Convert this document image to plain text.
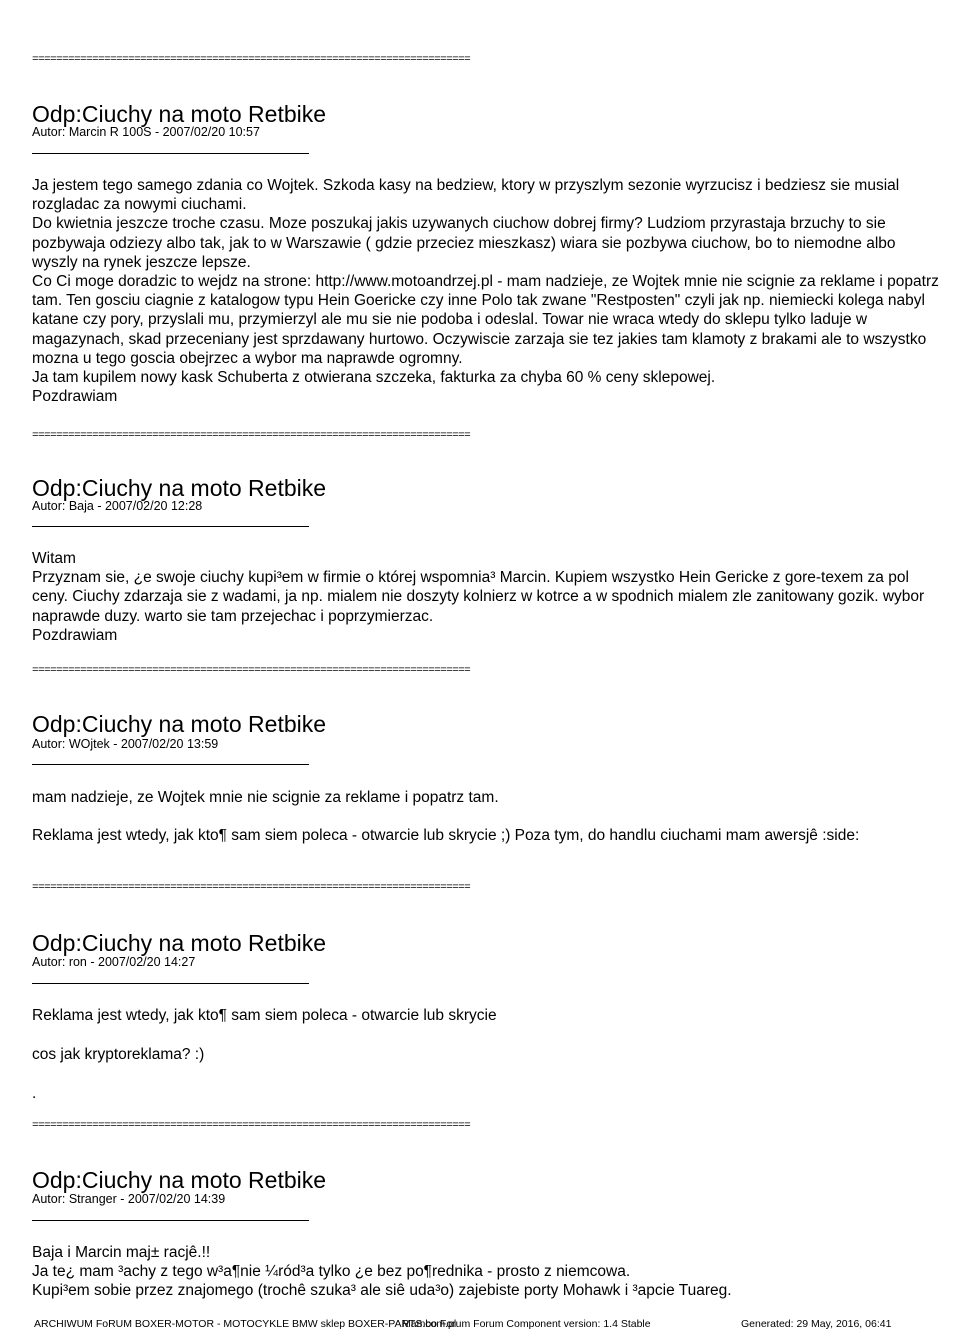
=========================================================================
Odp:Ciuchy na moto Retbike
Autor: Marcin R 100S - 2007/02/20 10:57

Ja jestem tego samego zdania co Wojtek. Szkoda kasy na bedziew, ktory w przyszlym sezonie wyrzucisz i bedziesz sie musial rozgladac za nowymi ciuchami.

Do kwietnia jeszcze troche czasu. Moze poszukaj jakis uzywanych ciuchow dobrej firmy? Ludziom przyrastaja brzuchy to sie pozbywaja odziezy albo tak, jak to w Warszawie ( gdzie przeciez mieszkasz) wiara sie pozbywa ciuchow, bo to niemodne albo wyszly na rynek jeszcze lepsze.

Co Ci moge doradzic to wejdz na strone: http://www.motoandrzej.pl - mam nadzieje, ze Wojtek mnie nie scignie za reklame i popatrz tam. Ten gosciu ciagnie z katalogow typu Hein Goericke czy inne Polo tak zwane "Restposten" czyli jak np. niemiecki kolega nabyl katane czy pory, przyslali mu, przymierzyl ale mu sie nie podoba i odeslal. Towar nie wraca wtedy do sklepu tylko laduje w magazynach, skad przeceniany jest sprzdawany hurtowo. Oczywiscie zarzaja sie tez jakies tam klamoty z brakami ale to wszystko mozna u tego goscia obejrzec a wybor ma naprawde ogromny.

Ja tam kupilem nowy kask Schuberta z otwierana szczeka, fakturka za chyba 60 % ceny sklepowej.

Pozdrawiam

=========================================================================
Odp:Ciuchy na moto Retbike
Autor: Baja - 2007/02/20 12:28

Witam

Przyznam sie, ¿e swoje ciuchy kupi³em w firmie o której wspomnia³ Marcin. Kupiem wszystko Hein Gericke z gore-texem za pol ceny. Ciuchy zdarzaja sie z wadami, ja np. mialem nie doszyty kolnierz w kotrce a w spodnich mialem zle zanitowany gozik. wybor naprawde duzy. warto sie tam przejechac i poprzymierzac.

Pozdrawiam

=========================================================================
Odp:Ciuchy na moto Retbike
Autor: WOjtek - 2007/02/20 13:59

mam nadzieje, ze Wojtek mnie nie scignie za reklame i popatrz tam.

Reklama jest wtedy, jak kto¶ sam siem poleca - otwarcie lub skrycie ;) Poza tym, do handlu ciuchami mam awersjê :side:

=========================================================================
Odp:Ciuchy na moto Retbike
Autor: ron - 2007/02/20 14:27

Reklama jest wtedy, jak kto¶ sam siem poleca - otwarcie lub skrycie

cos jak kryptoreklama? :)

.

=========================================================================
Odp:Ciuchy na moto Retbike
Autor: Stranger - 2007/02/20 14:39

Baja i Marcin maj± racjê.!!

Ja te¿ mam ³achy z tego w³a¶nie ¼ród³a tylko ¿e bez po¶rednika - prosto z niemcowa.

Kupi³em sobie przez znajomego (trochê szuka³ ale siê uda³o) zajebiste porty Mohawk i ³apcie Tuareg.

ARCHIWUM FoRUM BOXER-MOTOR - MOTOCYKLE BMW sklep BOXER-PARTS.com.pl
Mambo Forum Forum Component version: 1.4 Stable	Generated: 29 May, 2016, 06:41
